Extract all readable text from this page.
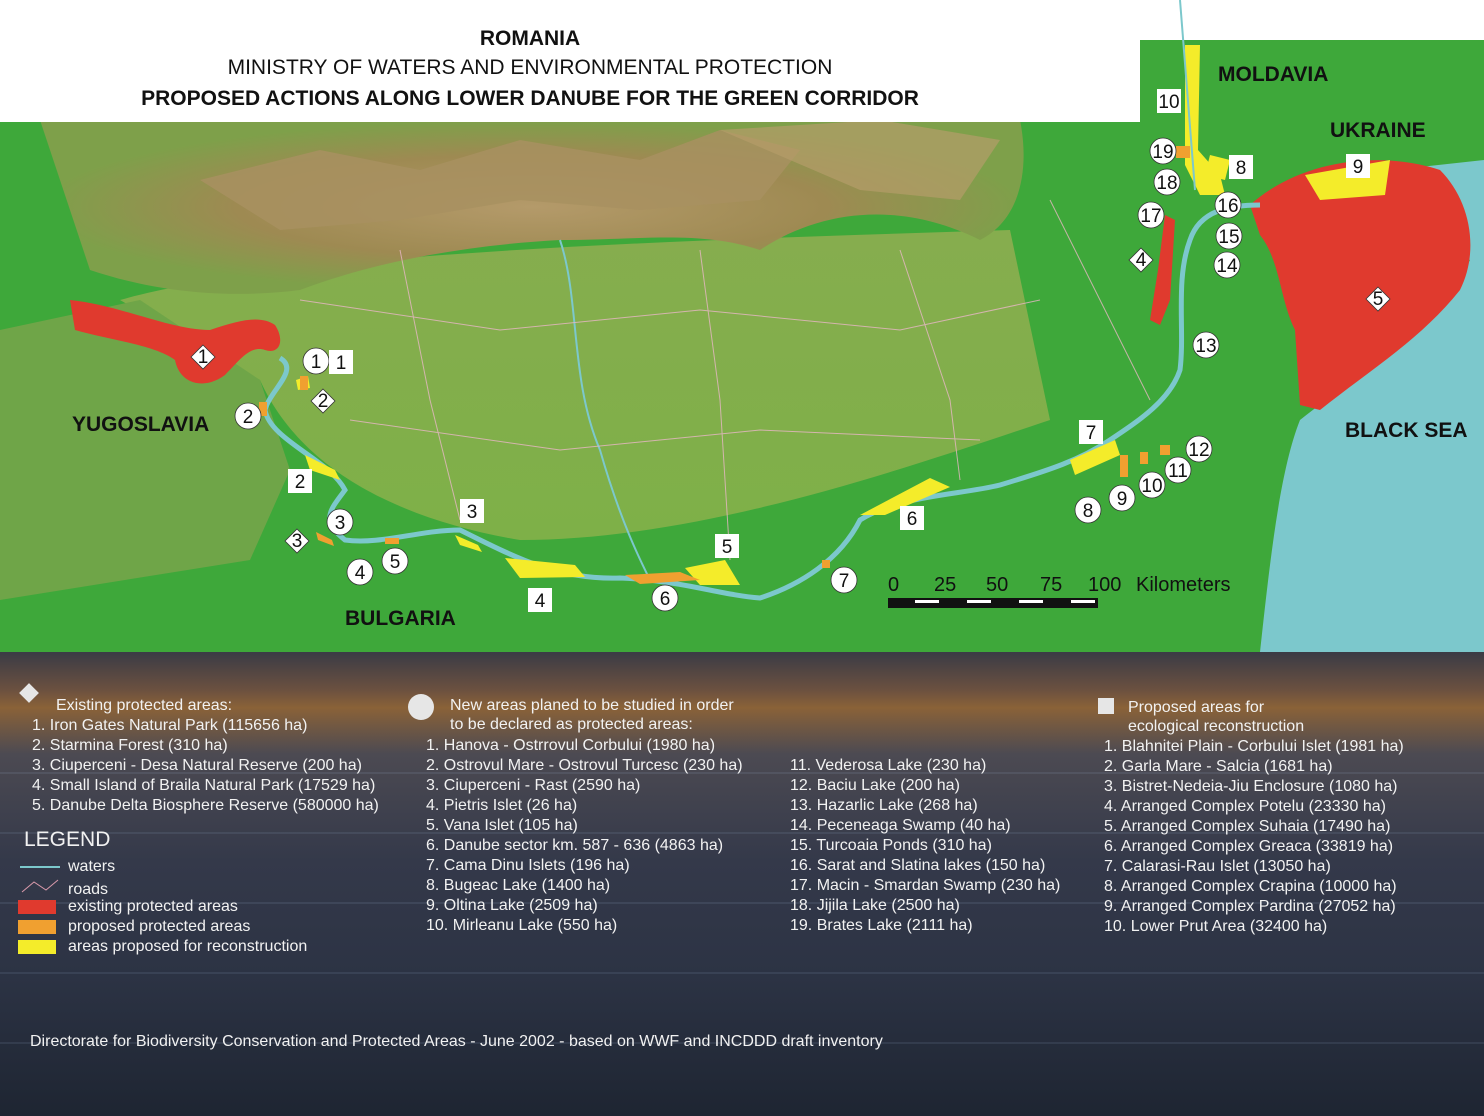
MOLDAVIA
UKRAINE
YUGOSLAVIA
BULGARIA
BLACK SEA
0 25 50 75 100 Kilometers
1
2
3
4
5
1
2
3
4
5
6
7
8
9
10
11
12
13
14
15
16
17
18
19
1
2
3
4
5
6
7
8	9
10
ROMANIA
MINISTRY OF WATERS AND ENVIRONMENTAL PROTECTION
PROPOSED ACTIONS ALONG LOWER DANUBE FOR THE GREEN CORRIDOR
Existing protected areas:
1. Iron Gates Natural Park (115656 ha)
2. Starmina Forest (310 ha)
3. Ciuperceni - Desa Natural Reserve (200 ha)
4. Small Island of Braila Natural Park (17529 ha)
5. Danube Delta Biosphere Reserve (580000 ha)
LEGEND
waters
roads
existing protected areas
proposed protected areas
areas proposed for reconstruction
New areas planed to be studied in order
to be declared as protected areas:
1. Hanova - Ostrrovul Corbului (1980 ha)
2. Ostrovul Mare - Ostrovul Turcesc (230 ha)
3. Ciuperceni - Rast (2590 ha)
4. Pietris Islet (26 ha)
5. Vana Islet (105 ha)
6. Danube sector km. 587 - 636 (4863 ha)
7. Cama Dinu Islets (196 ha)
8. Bugeac Lake (1400 ha)
9. Oltina Lake (2509 ha)
10. Mirleanu Lake (550 ha)
11. Vederosa Lake (230 ha)
12. Baciu Lake (200 ha)
13. Hazarlic Lake (268 ha)
14. Peceneaga Swamp (40 ha)
15. Turcoaia Ponds (310 ha)
16. Sarat and Slatina lakes (150 ha)
17. Macin - Smardan Swamp (230 ha)
18. Jijila Lake (2500 ha)
19. Brates Lake (2111 ha)
Proposed areas for
ecological reconstruction
1. Blahnitei Plain - Corbului Islet (1981 ha)
2. Garla Mare - Salcia (1681 ha)
3. Bistret-Nedeia-Jiu Enclosure (1080 ha)
4. Arranged Complex Potelu (23330 ha)
5. Arranged Complex Suhaia (17490 ha)
6. Arranged Complex Greaca (33819 ha)
7. Calarasi-Rau Islet (13050 ha)
8. Arranged Complex Crapina (10000 ha)
9. Arranged Complex Pardina (27052 ha)
10. Lower Prut Area (32400 ha)
Directorate for Biodiversity Conservation and Protected Areas - June 2002 - based on WWF and INCDDD draft inventory
